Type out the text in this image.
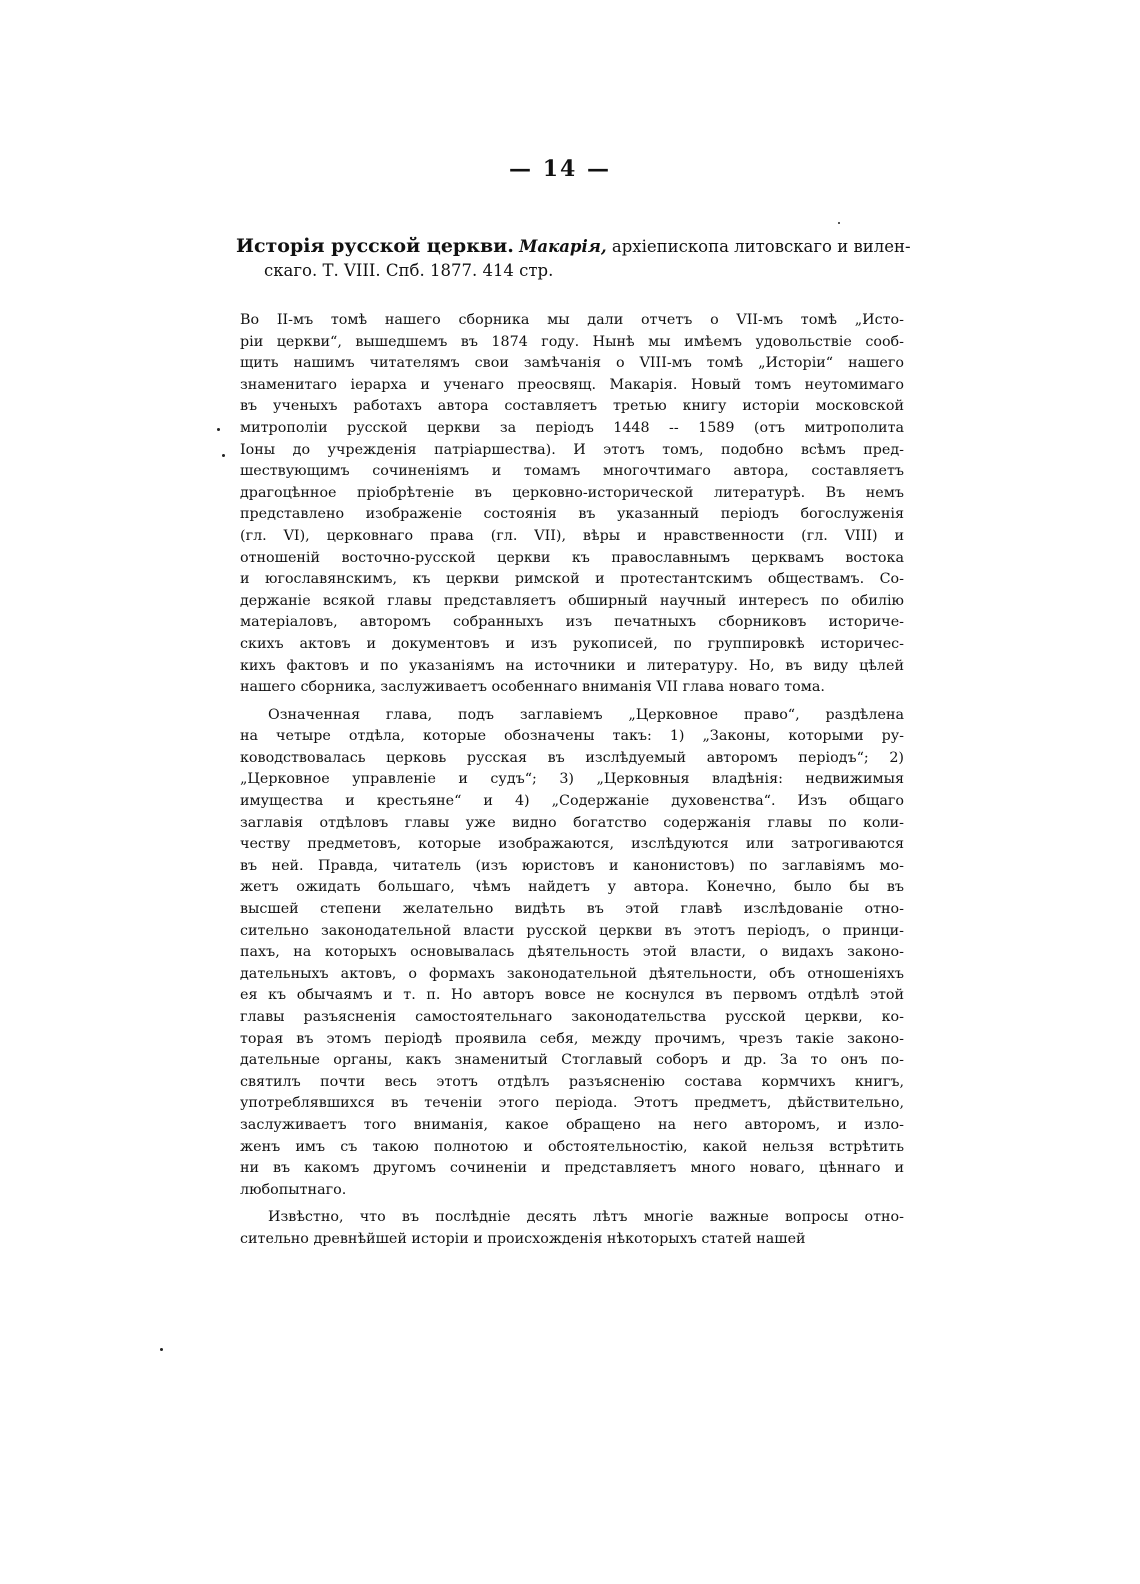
— 14 —
Исторія русской церкви. Макарія, архіепископа литовскаго и вилен-
скаго. Т. VIII. Спб. 1877. 414 стр.
Во II-мъ томѣ нашего сборника мы дали отчетъ о VII-мъ томѣ „Исто-
ріи церкви“, вышедшемъ въ 1874 году. Нынѣ мы имѣемъ удовольствіе сооб-
щить нашимъ читателямъ свои замѣчанія о VIII-мъ томѣ „Исторіи“ нашего
знаменитаго іерарха и ученаго преосвящ. Макарія. Новый томъ неутомимаго
въ ученыхъ работахъ автора составляетъ третью книгу исторіи московской
митрополіи русской церкви за періодъ 1448 -- 1589 (отъ митрополита
Іоны до учрежденія патріаршества). И этотъ томъ, подобно всѣмъ пред-
шествующимъ сочиненіямъ и томамъ многочтимаго автора, составляетъ
драгоцѣнное пріобрѣтеніе въ церковно-исторической литературѣ. Въ немъ
представлено изображеніе состоянія въ указанный періодъ богослуженія
(гл. VI), церковнаго права (гл. VII), вѣры и нравственности (гл. VIII) и
отношеній восточно-русской церкви къ православнымъ церквамъ востока
и югославянскимъ, къ церкви римской и протестантскимъ обществамъ. Со-
держаніе всякой главы представляетъ обширный научный интересъ по обилію
матеріаловъ, авторомъ собранныхъ изъ печатныхъ сборниковъ историче-
скихъ актовъ и документовъ и изъ рукописей, по группировкѣ историчес-
кихъ фактовъ и по указаніямъ на источники и литературу. Но, въ виду цѣлей
нашего сборника, заслуживаетъ особеннаго вниманія VII глава новаго тома.
Означенная глава, подъ заглавіемъ „Церковное право“, раздѣлена
на четыре отдѣла, которые обозначены такъ: 1) „Законы, которыми ру-
ководствовалась церковь русская въ изслѣдуемый авторомъ періодъ“; 2)
„Церковное управленіе и судъ“; 3) „Церковныя владѣнія: недвижимыя
имущества и крестьяне“ и 4) „Содержаніе духовенства“. Изъ общаго
заглавія отдѣловъ главы уже видно богатство содержанія главы по коли-
честву предметовъ, которые изображаются, изслѣдуются или затрогиваются
въ ней. Правда, читатель (изъ юристовъ и канонистовъ) по заглавіямъ мо-
жетъ ожидать большаго, чѣмъ найдетъ у автора. Конечно, было бы въ
высшей степени желательно видѣть въ этой главѣ изслѣдованіе отно-
сительно законодательной власти русской церкви въ этотъ періодъ, о принци-
пахъ, на которыхъ основывалась дѣятельность этой власти, о видахъ законо-
дательныхъ актовъ, о формахъ законодательной дѣятельности, объ отношеніяхъ
ея къ обычаямъ и т. п. Но авторъ вовсе не коснулся въ первомъ отдѣлѣ этой
главы разъясненія самостоятельнаго законодательства русской церкви, ко-
торая въ этомъ періодѣ проявила себя, между прочимъ, чрезъ такіе законо-
дательные органы, какъ знаменитый Стоглавый соборъ и др. За то онъ по-
святилъ почти весь этотъ отдѣлъ разъясненію состава кормчихъ книгъ,
употреблявшихся въ теченіи этого періода. Этотъ предметъ, дѣйствительно,
заслуживаетъ того вниманія, какое обращено на него авторомъ, и изло-
женъ имъ съ такою полнотою и обстоятельностію, какой нельзя встрѣтить
ни въ какомъ другомъ сочиненіи и представляетъ много новаго, цѣннаго и
любопытнаго.
Извѣстно, что въ послѣдніе десять лѣтъ многіе важные вопросы отно-
сительно древнѣйшей исторіи и происхожденія нѣкоторыхъ статей нашей
